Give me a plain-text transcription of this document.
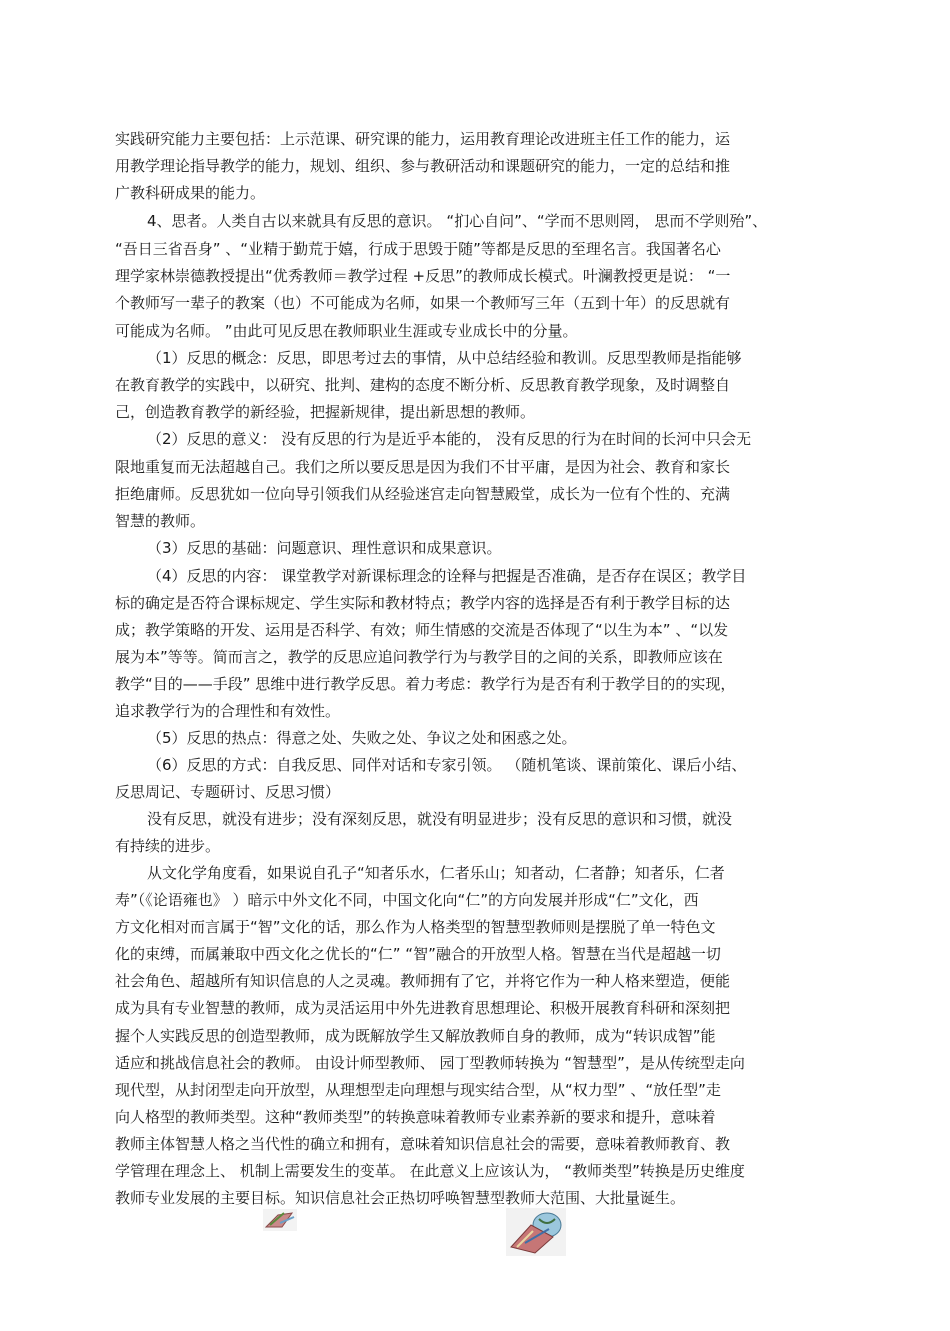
实践研究能力主要包括：上示范课、研究课的能力，运用教育理论改进班主任工作的能力，运
用教学理论指导教学的能力，规划、组织、参与教研活动和课题研究的能力，一定的总结和推
广教科研成果的能力。
4、思者。人类自古以来就具有反思的意识。 “扪心自问”、“学而不思则罔， 思而不学则殆”、
“吾日三省吾身” 、“业精于勤荒于嬉，行成于思毁于随”等都是反思的至理名言。我国著名心
理学家林崇德教授提出“优秀教师＝教学过程 +反思”的教师成长模式。叶澜教授更是说： “一
个教师写一辈子的教案（也）不可能成为名师，如果一个教师写三年（五到十年）的反思就有
可能成为名师。 ”由此可见反思在教师职业生涯或专业成长中的分量。
（1）反思的概念：反思，即思考过去的事情，从中总结经验和教训。反思型教师是指能够
在教育教学的实践中，以研究、批判、建构的态度不断分析、反思教育教学现象，及时调整自
己，创造教育教学的新经验，把握新规律，提出新思想的教师。
（2）反思的意义： 没有反思的行为是近乎本能的， 没有反思的行为在时间的长河中只会无
限地重复而无法超越自己。我们之所以要反思是因为我们不甘平庸，是因为社会、教育和家长
拒绝庸师。反思犹如一位向导引领我们从经验迷宫走向智慧殿堂，成长为一位有个性的、充满
智慧的教师。
（3）反思的基础：问题意识、理性意识和成果意识。
（4）反思的内容： 课堂教学对新课标理念的诠释与把握是否准确，是否存在误区；教学目
标的确定是否符合课标规定、学生实际和教材特点；教学内容的选择是否有利于教学目标的达
成；教学策略的开发、运用是否科学、有效；师生情感的交流是否体现了“以生为本” 、“以发
展为本”等等。简而言之，教学的反思应追问教学行为与教学目的之间的关系，即教师应该在
教学“目的——手段” 思维中进行教学反思。着力考虑：教学行为是否有利于教学目的的实现，
追求教学行为的合理性和有效性。
（5）反思的热点：得意之处、失败之处、争议之处和困惑之处。
（6）反思的方式：自我反思、同伴对话和专家引领。 （随机笔谈、课前策化、课后小结、
反思周记、专题研讨、反思习惯）
没有反思，就没有进步；没有深刻反思，就没有明显进步；没有反思的意识和习惯，就没
有持续的进步。
从文化学角度看，如果说自孔子“知者乐水，仁者乐山；知者动，仁者静；知者乐，仁者
寿”（《论语雍也》 ）暗示中外文化不同，中国文化向“仁”的方向发展并形成“仁”文化，西
方文化相对而言属于“智”文化的话，那么作为人格类型的智慧型教师则是摆脱了单一特色文
化的束缚，而属兼取中西文化之优长的“仁” “智”融合的开放型人格。智慧在当代是超越一切
社会角色、超越所有知识信息的人之灵魂。教师拥有了它，并将它作为一种人格来塑造，便能
成为具有专业智慧的教师，成为灵活运用中外先进教育思想理论、积极开展教育科研和深刻把
握个人实践反思的创造型教师，成为既解放学生又解放教师自身的教师，成为“转识成智”能
适应和挑战信息社会的教师。 由设计师型教师、 园丁型教师转换为 “智慧型”，是从传统型走向
现代型，从封闭型走向开放型，从理想型走向理想与现实结合型，从“权力型” 、“放任型”走
向人格型的教师类型。这种“教师类型”的转换意味着教师专业素养新的要求和提升，意味着
教师主体智慧人格之当代性的确立和拥有，意味着知识信息社会的需要，意味着教师教育、教
学管理在理念上、 机制上需要发生的变革。 在此意义上应该认为， “教师类型”转换是历史维度
教师专业发展的主要目标。知识信息社会正热切呼唤智慧型教师大范围、大批量诞生。
